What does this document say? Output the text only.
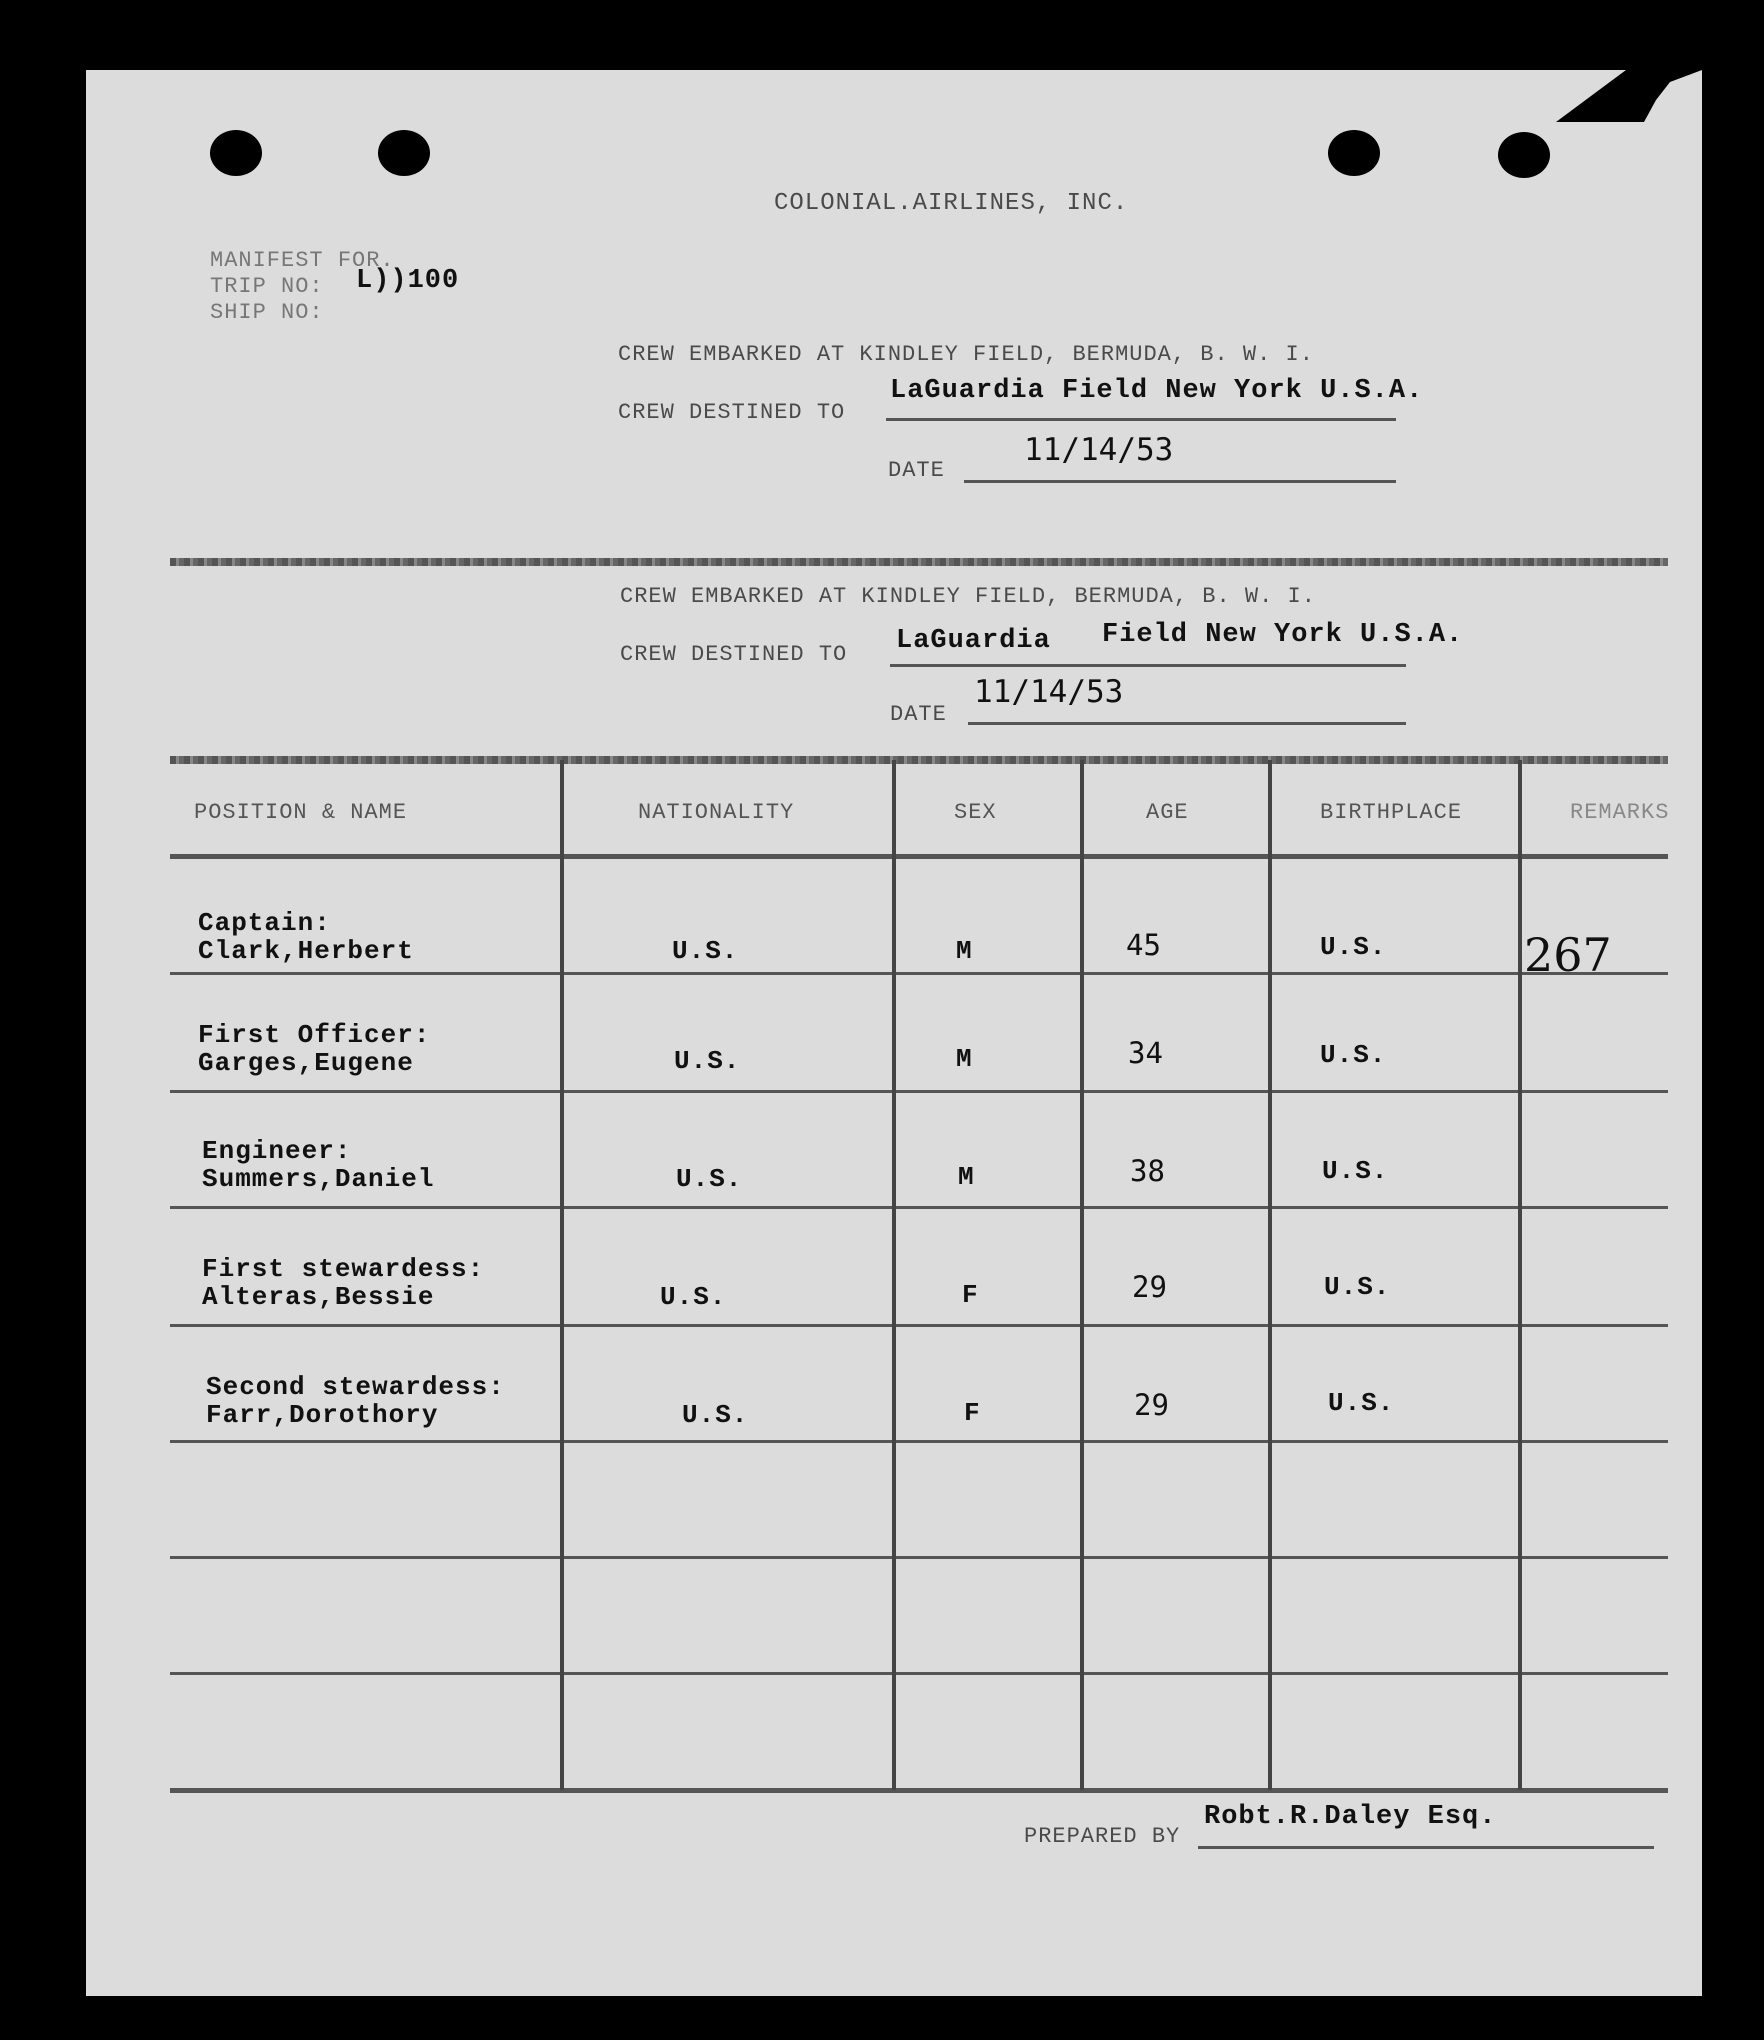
COLONIAL.AIRLINES, INC.
MANIFEST FOR.
TRIP NO: L))100
SHIP NO:
CREW EMBARKED AT KINDLEY FIELD, BERMUDA, B. W. I.
CREW DESTINED TO
LaGuardia Field New York U.S.A.
DATE
11/14/53
CREW EMBARKED AT KINDLEY FIELD, BERMUDA, B. W. I.
CREW DESTINED TO LaGuardia Field New York U.S.A.
DATE
11/14/53
POSITION & NAME	NATIONALITY	SEX	AGE	BIRTHPLACE	REMARKS
Captain:
Clark,Herbert	U.S.	M	45	U.S.	267
First Officer:
Garges,Eugene	U.S.	M	34	U.S.
Engineer:
Summers,Daniel	U.S.	M	38	U.S.
First stewardess:
Alteras,Bessie	U.S.	F	29	U.S.
Second stewardess:
Farr,Dorothory	U.S.	F	29	U.S.
PREPARED BY
Robt.R.Daley Esq.
